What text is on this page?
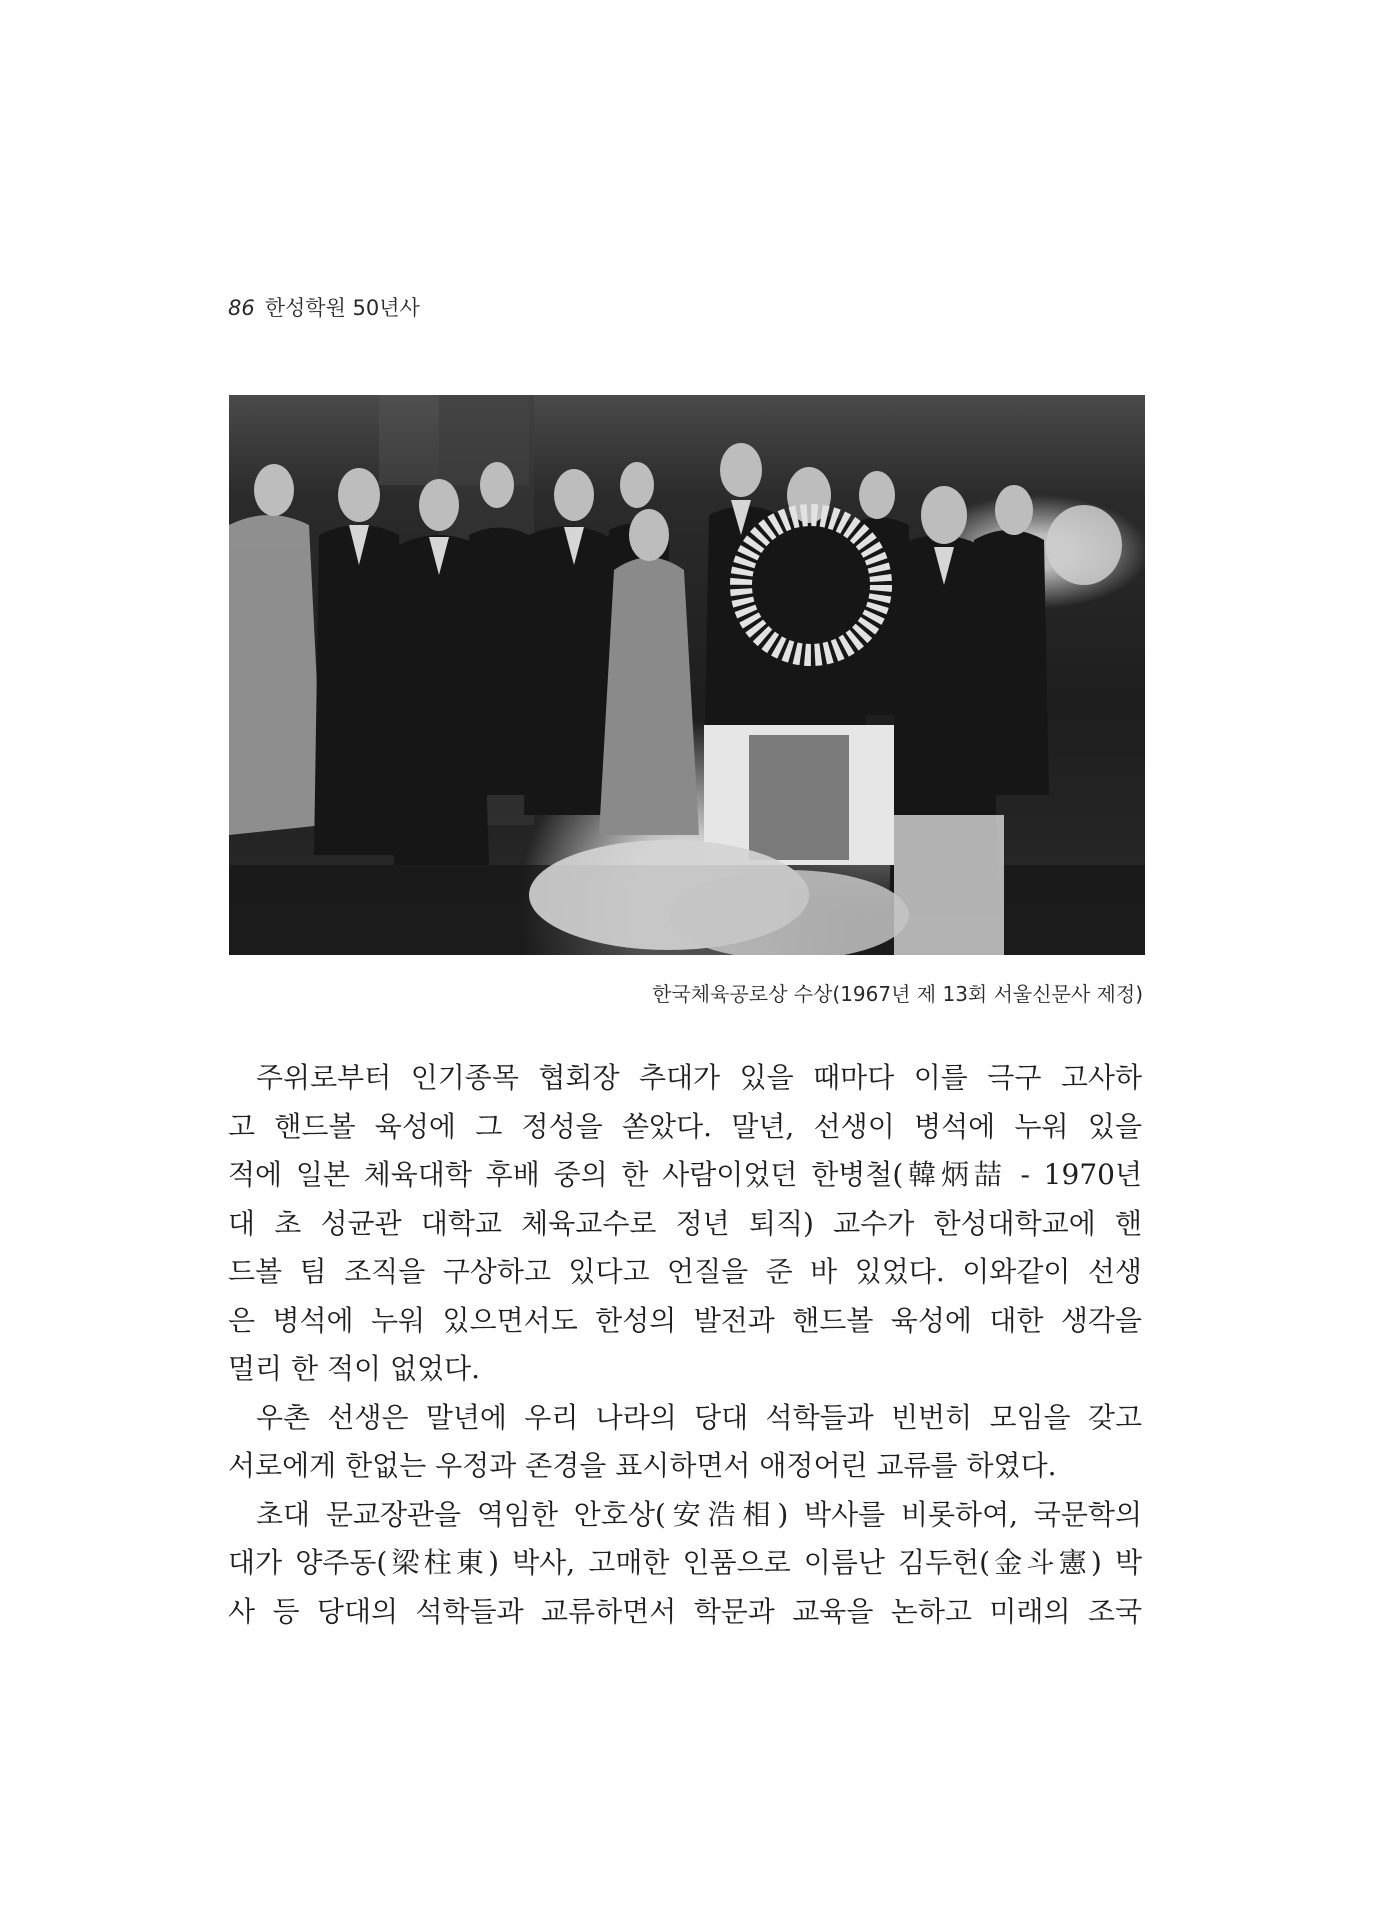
86 한성학원 50년사
한국체육공로상 수상(1967년 제 13회 서울신문사 제정)
주위로부터 인기종목 협회장 추대가 있을 때마다 이를 극구 고사하
고 핸드볼 육성에 그 정성을 쏟았다. 말년, 선생이 병석에 누워 있을
적에 일본 체육대학 후배 중의 한 사람이었던 한병철(韓炳喆 - 1970년
대 초 성균관 대학교 체육교수로 정년 퇴직) 교수가 한성대학교에 핸
드볼 팀 조직을 구상하고 있다고 언질을 준 바 있었다. 이와같이 선생
은 병석에 누워 있으면서도 한성의 발전과 핸드볼 육성에 대한 생각을
멀리 한 적이 없었다.
우촌 선생은 말년에 우리 나라의 당대 석학들과 빈번히 모임을 갖고
서로에게 한없는 우정과 존경을 표시하면서 애정어린 교류를 하였다.
초대 문교장관을 역임한 안호상(安浩相) 박사를 비롯하여, 국문학의
대가 양주동(梁柱東) 박사, 고매한 인품으로 이름난 김두헌(金斗憲) 박
사 등 당대의 석학들과 교류하면서 학문과 교육을 논하고 미래의 조국
